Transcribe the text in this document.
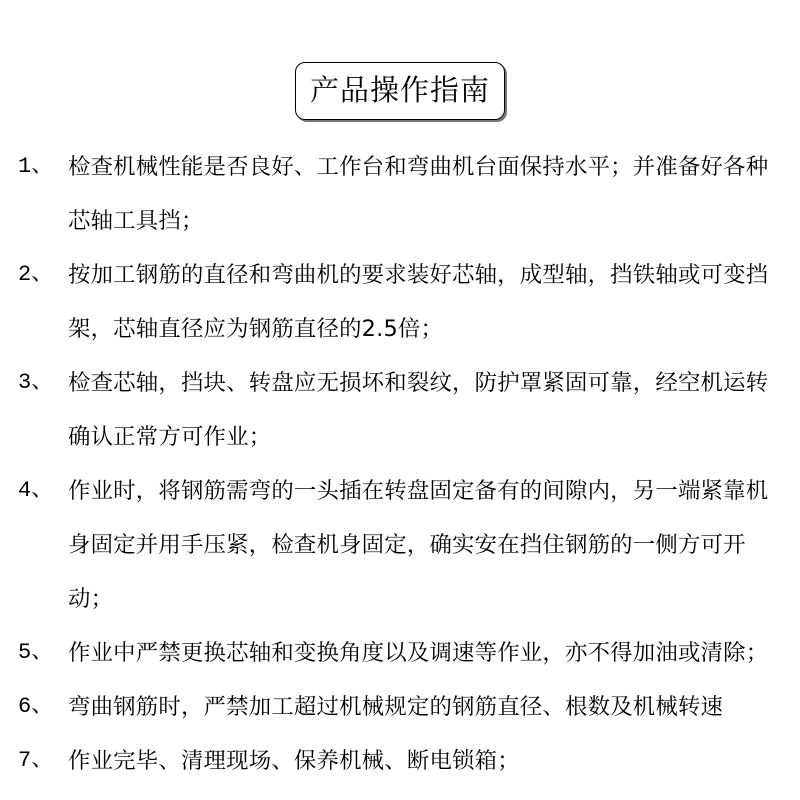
产品操作指南
1、 检查机械性能是否良好、工作台和弯曲机台面保持水平；并准备好各种芯轴工具挡；
2、 按加工钢筋的直径和弯曲机的要求装好芯轴，成型轴，挡铁轴或可变挡架，芯轴直径应为钢筋直径的2.5倍；
3、 检查芯轴，挡块、转盘应无损坏和裂纹，防护罩紧固可靠，经空机运转确认正常方可作业；
4、 作业时，将钢筋需弯的一头插在转盘固定备有的间隙内，另一端紧靠机身固定并用手压紧，检查机身固定，确实安在挡住钢筋的一侧方可开动；
5、 作业中严禁更换芯轴和变换角度以及调速等作业，亦不得加油或清除；
6、 弯曲钢筋时，严禁加工超过机械规定的钢筋直径、根数及机械转速
7、 作业完毕、清理现场、保养机械、断电锁箱；
